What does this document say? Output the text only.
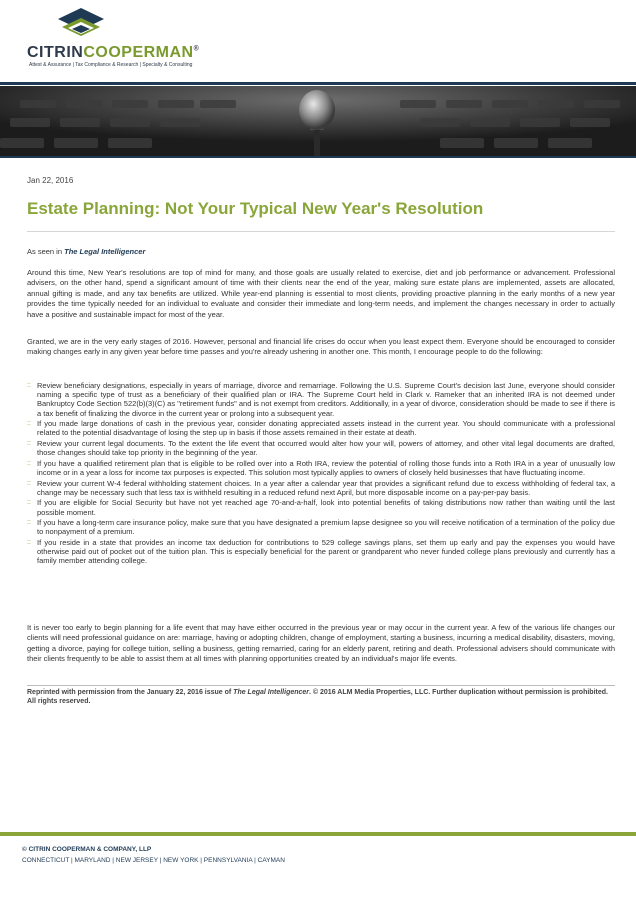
CITRINCOOPERMAN®
Attest & Assurance | Tax Compliance & Research | Specialty & Consulting
Jan 22, 2016
Estate Planning: Not Your Typical New Year's Resolution
As seen in The Legal Intelligencer

Around this time, New Year's resolutions are top of mind for many, and those goals are usually related to exercise, diet and job performance or advancement. Professional advisers, on the other hand, spend a significant amount of time with their clients near the end of the year, making sure estate plans are implemented, assets are allocated, annual gifting is made, and any tax benefits are utilized. While year-end planning is essential to most clients, providing proactive planning in the early months of a new year provides the time typically needed for an individual to evaluate and consider their immediate and long-term needs, and implement the changes necessary in order to actually have a positive and sustainable impact for most of the year.

Granted, we are in the very early stages of 2016. However, personal and financial life crises do occur when you least expect them. Everyone should be encouraged to consider making changes early in any given year before time passes and you're already ushering in another one. This month, I encourage people to do the following:

:: Review beneficiary designations, especially in years of marriage, divorce and remarriage. Following the U.S. Supreme Court's decision last June, everyone should consider naming a specific type of trust as a beneficiary of their qualified plan or IRA. The Supreme Court held in Clark v. Rameker that an inherited IRA is not deemed under Bankruptcy Code Section 522(b)(3)(C) as "retirement funds" and is not exempt from creditors. Additionally, in a year of divorce, consideration should be made to see if there is a tax benefit of finalizing the divorce in the current year or prolong into a subsequent year.
:: If you made large donations of cash in the previous year, consider donating appreciated assets instead in the current year. You should communicate with a professional related to the potential disadvantage of losing the step up in basis if those assets remained in their estate at death.
:: Review your current legal documents. To the extent the life event that occurred would alter how your will, powers of attorney, and other vital legal documents are drafted, those changes should take top priority in the beginning of the year.
:: If you have a qualified retirement plan that is eligible to be rolled over into a Roth IRA, review the potential of rolling those funds into a Roth IRA in a year of unusually low income or in a year a loss for income tax purposes is expected. This solution most typically applies to owners of closely held businesses that have fluctuating income.
:: Review your current W-4 federal withholding statement choices. In a year after a calendar year that provides a significant refund due to excess withholding of federal tax, a change may be necessary such that less tax is withheld resulting in a reduced refund next April, but more disposable income on a pay-per-pay basis.
:: If you are eligible for Social Security but have not yet reached age 70-and-a-half, look into potential benefits of taking distributions now rather than waiting until the last possible moment.
:: If you have a long-term care insurance policy, make sure that you have designated a premium lapse designee so you will receive notification of a termination of the policy due to nonpayment of a premium.
:: If you reside in a state that provides an income tax deduction for contributions to 529 college savings plans, set them up early and pay the expenses you would have otherwise paid out of pocket out of the tuition plan. This is especially beneficial for the parent or grandparent who never funded college plans previously and currently has a family member attending college.

It is never too early to begin planning for a life event that may have either occurred in the previous year or may occur in the current year. A few of the various life changes our clients will need professional guidance on are: marriage, having or adopting children, change of employment, starting a business, incurring a medical disability, disasters, moving, getting a divorce, paying for college tuition, selling a business, getting remarried, caring for an elderly parent, retiring and death. Professional advisers should communicate with their clients frequently to be able to assist them at all times with planning opportunities created by an individual's major life events.

Reprinted with permission from the January 22, 2016 issue of The Legal Intelligencer. © 2016 ALM Media Properties, LLC. Further duplication without permission is prohibited. All rights reserved.

© CITRIN COOPERMAN & COMPANY, LLP
CONNECTICUT | MARYLAND | NEW JERSEY | NEW YORK | PENNSYLVANIA | CAYMAN
